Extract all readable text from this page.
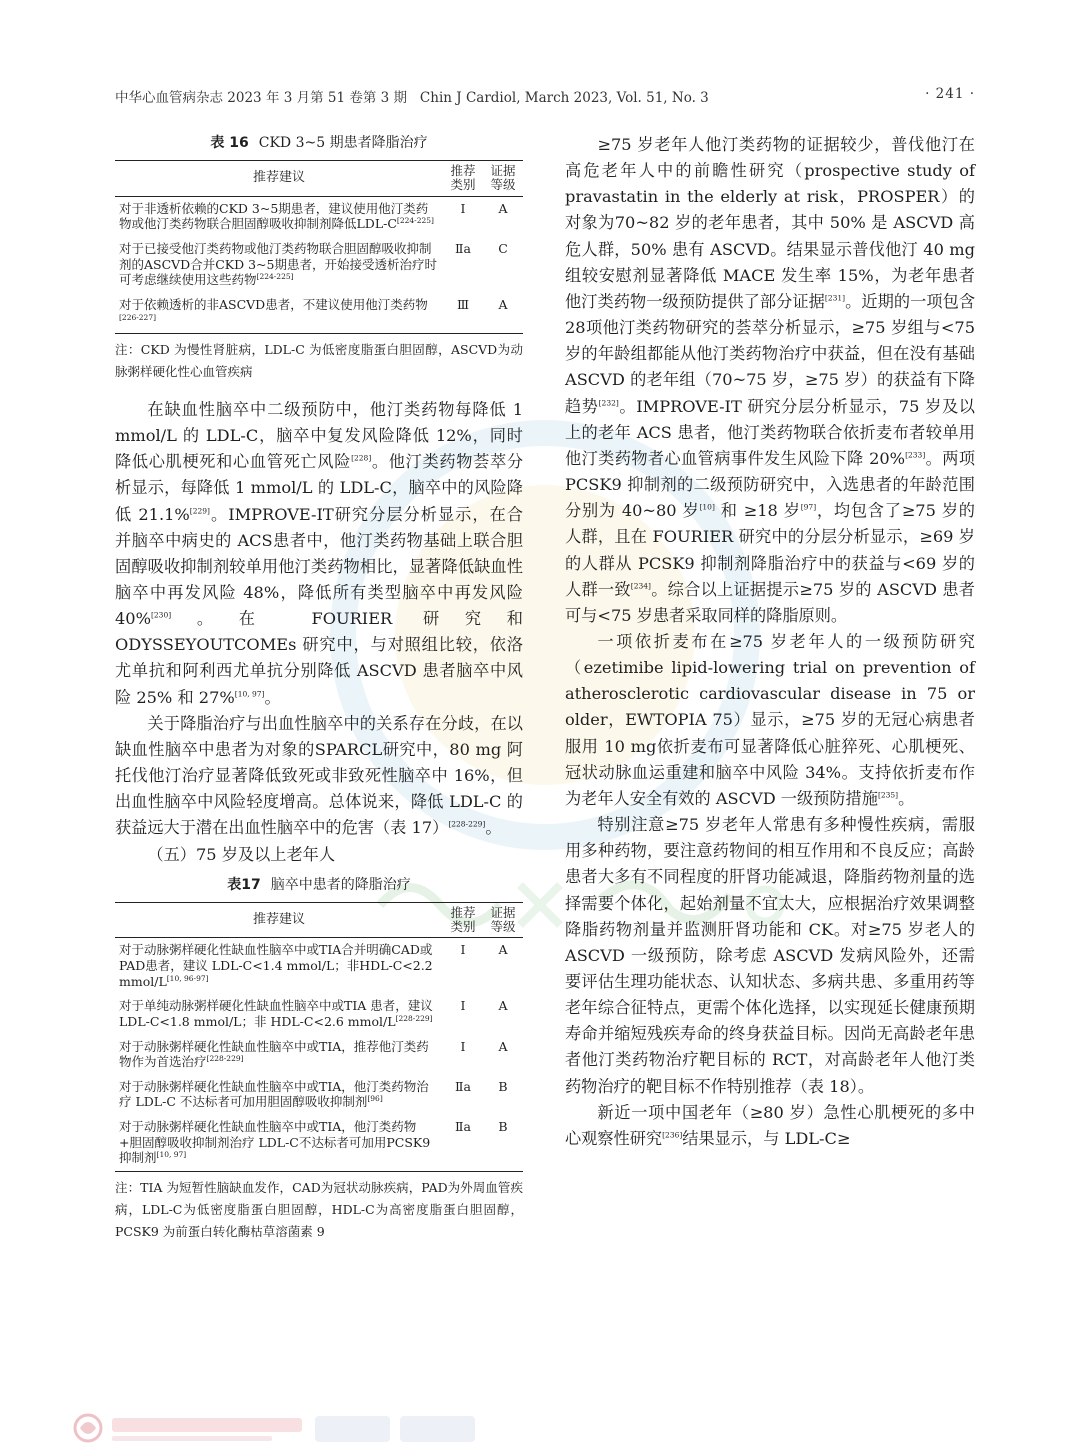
中华心血管病杂志 2023 年 3 月第 51 卷第 3 期 Chin J Cardiol, March 2023, Vol. 51, No. 3	· 241 ·
表 16 CKD 3~5 期患者降脂治疗
推荐建议	推荐类别	证据等级
对于非透析依赖的CKD 3~5期患者，建议使用他汀类药物或他汀类药物联合胆固醇吸收抑制剂降低LDL-C[224-225]	Ⅰ	A
对于已接受他汀类药物或他汀类药物联合胆固醇吸收抑制剂的ASCVD合并CKD 3~5期患者，开始接受透析治疗时可考虑继续使用这些药物[224-225]	Ⅱa	C
对于依赖透析的非ASCVD患者，不建议使用他汀类药物[226-227]	Ⅲ	A
注：CKD 为慢性肾脏病，LDL-C 为低密度脂蛋白胆固醇，ASCVD为动脉粥样硬化性心血管疾病

在缺血性脑卒中二级预防中，他汀类药物每降低 1 mmol/L 的 LDL-C，脑卒中复发风险降低 12%，同时降低心肌梗死和心血管死亡风险[228]。他汀类药物荟萃分析显示，每降低 1 mmol/L 的 LDL-C，脑卒中的风险降低 21.1%[229]。IMPROVE-IT研究分层分析显示，在合并脑卒中病史的 ACS患者中，他汀类药物基础上联合胆固醇吸收抑制剂较单用他汀类药物相比，显著降低缺血性脑卒中再发风险 48%，降低所有类型脑卒中再发风险 40%[230]。在 FOURIER 研究和 ODYSSEYOUTCOMEs 研究中，与对照组比较，依洛尤单抗和阿利西尤单抗分别降低 ASCVD 患者脑卒中风险 25% 和 27%[10, 97]。

关于降脂治疗与出血性脑卒中的关系存在分歧，在以缺血性脑卒中患者为对象的SPARCL研究中，80 mg 阿托伐他汀治疗显著降低致死或非致死性脑卒中 16%，但出血性脑卒中风险轻度增高。总体说来，降低 LDL-C 的获益远大于潜在出血性脑卒中的危害（表 17）[228-229]。

（五）75 岁及以上老年人

表17 脑卒中患者的降脂治疗
推荐建议	推荐类别	证据等级
对于动脉粥样硬化性缺血性脑卒中或TIA合并明确CAD或PAD患者，建议 LDL-C<1.4 mmol/L；非HDL-C<2.2 mmol/L[10, 96-97]	Ⅰ	A
对于单纯动脉粥样硬化性缺血性脑卒中或TIA 患者，建议 LDL-C<1.8 mmol/L；非 HDL-C<2.6 mmol/L[228-229]	Ⅰ	A
对于动脉粥样硬化性缺血性脑卒中或TIA，推荐他汀类药物作为首选治疗[228-229]	Ⅰ	A
对于动脉粥样硬化性缺血性脑卒中或TIA，他汀类药物治疗 LDL-C 不达标者可加用胆固醇吸收抑制剂[96]	Ⅱa	B
对于动脉粥样硬化性缺血性脑卒中或TIA，他汀类药物+胆固醇吸收抑制剂治疗 LDL-C不达标者可加用PCSK9抑制剂[10, 97]	Ⅱa	B
注：TIA 为短暂性脑缺血发作，CAD为冠状动脉疾病，PAD为外周血管疾病，LDL-C为低密度脂蛋白胆固醇，HDL-C为高密度脂蛋白胆固醇，PCSK9 为前蛋白转化酶枯草溶菌素 9

≥75 岁老年人他汀类药物的证据较少，普伐他汀在高危老年人中的前瞻性研究（prospective study of pravastatin in the elderly at risk，PROSPER）的对象为70~82 岁的老年患者，其中 50% 是 ASCVD 高危人群，50% 患有 ASCVD。结果显示普伐他汀 40 mg 组较安慰剂显著降低 MACE 发生率 15%，为老年患者他汀类药物一级预防提供了部分证据[231]。近期的一项包含28项他汀类药物研究的荟萃分析显示，≥75 岁组与<75 岁的年龄组都能从他汀类药物治疗中获益，但在没有基础 ASCVD 的老年组（70~75 岁，≥75 岁）的获益有下降趋势[232]。IMPROVE-IT 研究分层分析显示，75 岁及以上的老年 ACS 患者，他汀类药物联合依折麦布者较单用他汀类药物者心血管病事件发生风险下降 20%[233]。两项 PCSK9 抑制剂的二级预防研究中，入选患者的年龄范围分别为 40~80 岁[10] 和 ≥18 岁[97]，均包含了≥75 岁的人群，且在 FOURIER 研究中的分层分析显示，≥69 岁的人群从 PCSK9 抑制剂降脂治疗中的获益与<69 岁的人群一致[234]。综合以上证据提示≥75 岁的 ASCVD 患者可与<75 岁患者采取同样的降脂原则。

一项依折麦布在≥75 岁老年人的一级预防研究（ezetimibe lipid-lowering trial on prevention of atherosclerotic cardiovascular disease in 75 or older，EWTOPIA 75）显示，≥75 岁的无冠心病患者服用 10 mg依折麦布可显著降低心脏猝死、心肌梗死、冠状动脉血运重建和脑卒中风险 34%。支持依折麦布作为老年人安全有效的 ASCVD 一级预防措施[235]。

特别注意≥75 岁老年人常患有多种慢性疾病，需服用多种药物，要注意药物间的相互作用和不良反应；高龄患者大多有不同程度的肝肾功能减退，降脂药物剂量的选择需要个体化，起始剂量不宜太大，应根据治疗效果调整降脂药物剂量并监测肝肾功能和 CK。对≥75 岁老人的 ASCVD 一级预防，除考虑 ASCVD 发病风险外，还需要评估生理功能状态、认知状态、多病共患、多重用药等老年综合征特点，更需个体化选择，以实现延长健康预期寿命并缩短残疾寿命的终身获益目标。因尚无高龄老年患者他汀类药物治疗靶目标的 RCT，对高龄老年人他汀类药物治疗的靶目标不作特别推荐（表 18）。

新近一项中国老年（≥80 岁）急性心肌梗死的多中心观察性研究[236]结果显示，与 LDL-C≥
